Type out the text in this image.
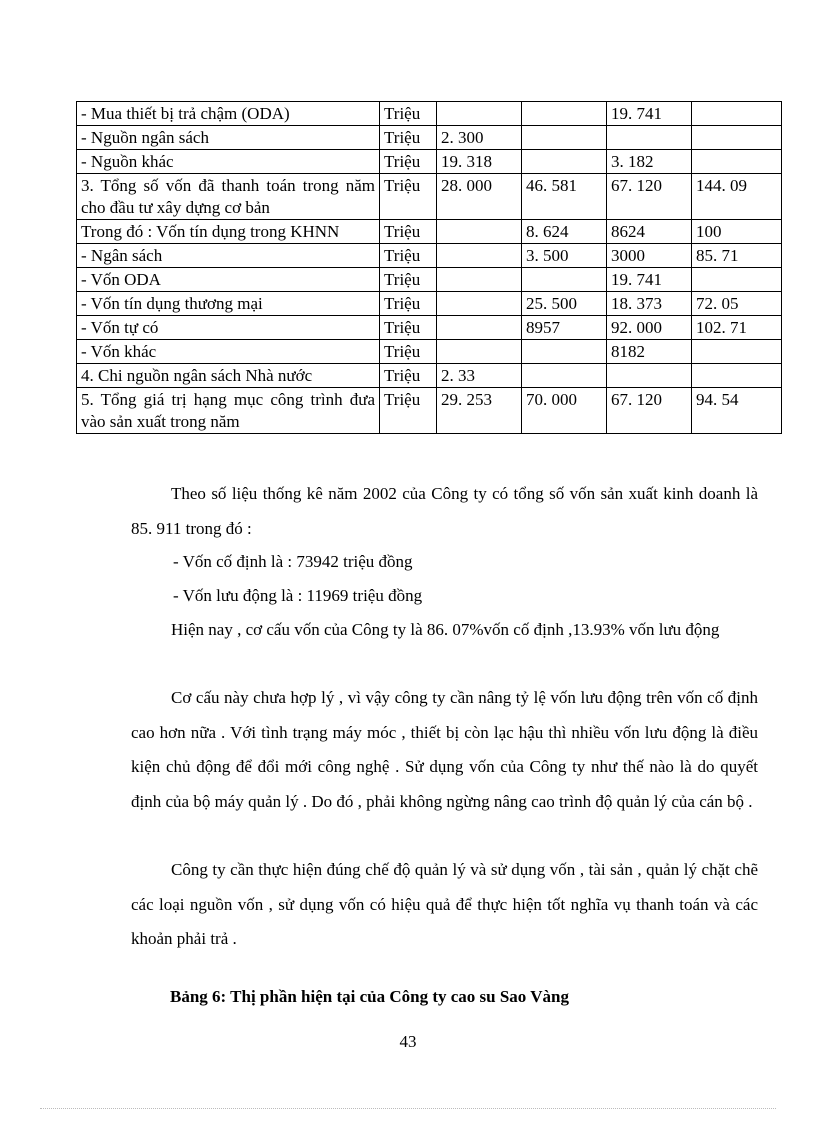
- Mua thiết bị trả chậm (ODA)	Triệu			19. 741	
- Nguồn ngân sách	Triệu	2. 300			
- Nguồn khác	Triệu	19. 318		3. 182	
3. Tổng số vốn đã thanh toán trong năm cho đầu tư xây dựng cơ bản	Triệu	28. 000	46. 581	67. 120	144. 09
Trong đó : Vốn tín dụng trong KHNN	Triệu		8. 624	8624	100
- Ngân sách	Triệu		3. 500	3000	85. 71
- Vốn ODA	Triệu			19. 741	
- Vốn tín dụng thương mại	Triệu		25. 500	18. 373	72. 05
- Vốn tự có	Triệu		8957	92. 000	102. 71
- Vốn khác	Triệu			8182	
4. Chi nguồn ngân sách Nhà nước	Triệu	2. 33			
5. Tổng giá trị hạng mục công trình đưa vào sản xuất trong năm	Triệu	29. 253	70. 000	67. 120	94. 54
Theo số liệu thống kê năm 2002 của Công ty có tổng số vốn sản xuất kinh doanh là 85. 911 trong đó :
- Vốn cố định là : 73942 triệu đồng
- Vốn lưu động là : 11969 triệu đồng
Hiện nay , cơ cấu vốn của Công ty là 86. 07%vốn cố định ,13.93% vốn lưu động
Cơ cấu này chưa hợp lý , vì vậy công ty cần nâng tỷ lệ vốn lưu động trên vốn cố định cao hơn nữa . Với tình trạng máy móc , thiết bị còn lạc hậu thì nhiều vốn lưu động là điều kiện chủ động để đổi mới công nghệ . Sử dụng vốn của Công ty như thế nào là do quyết định của bộ máy quản lý . Do đó , phải không ngừng nâng cao trình độ quản lý của cán bộ .
Công ty cần thực hiện đúng chế độ quản lý và sử dụng vốn , tài sản , quản lý chặt chẽ các loại nguồn vốn , sử dụng vốn có hiệu quả để thực hiện tốt nghĩa vụ thanh toán và các khoản phải trả .
Bảng 6: Thị phần hiện tại của Công ty cao su Sao Vàng
43
